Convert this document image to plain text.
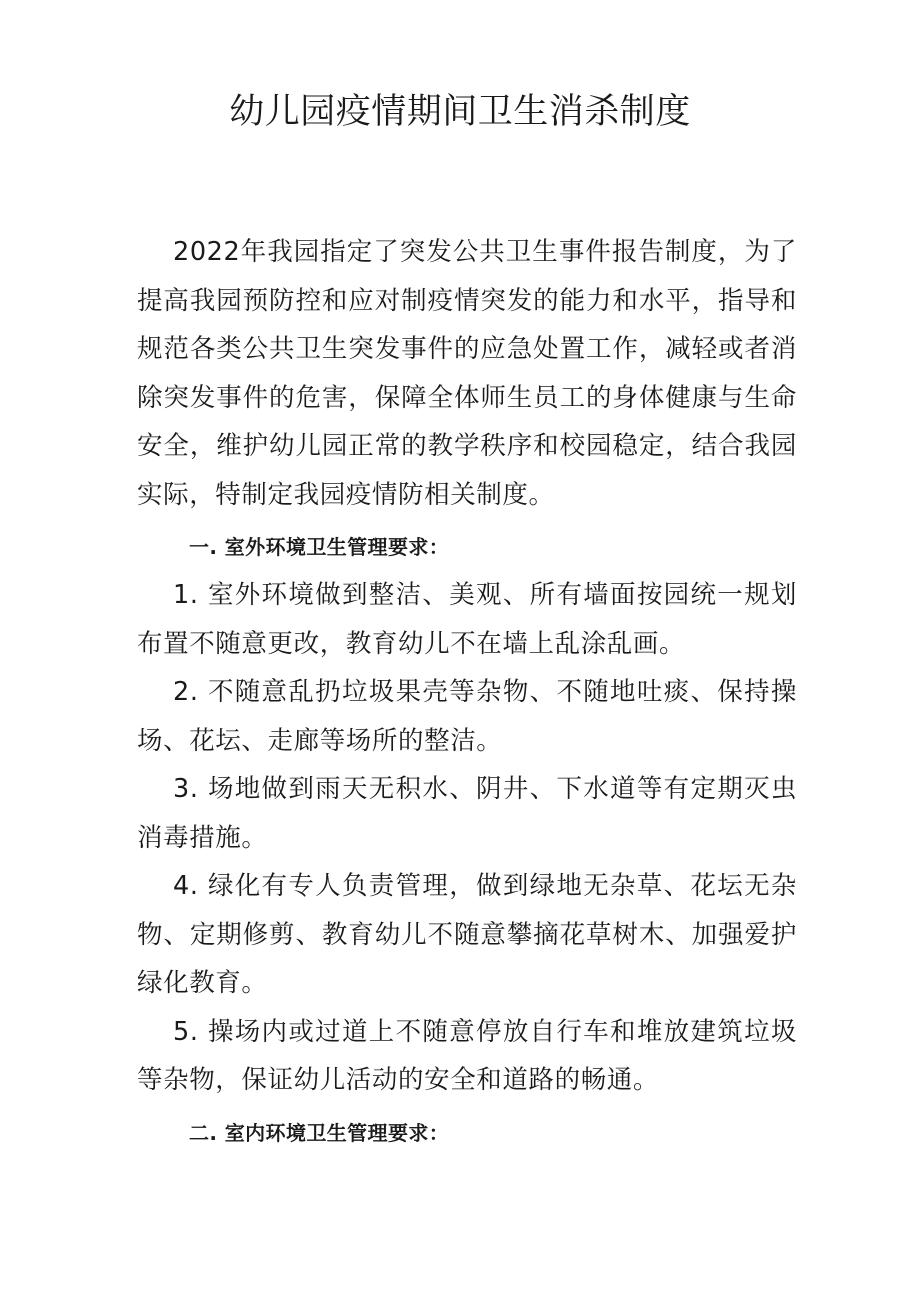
幼儿园疫情期间卫生消杀制度

2022年我园指定了突发公共卫生事件报告制度，为了提高我园预防控和应对制疫情突发的能力和水平，指导和规范各类公共卫生突发事件的应急处置工作，减轻或者消除突发事件的危害，保障全体师生员工的身体健康与生命安全，维护幼儿园正常的教学秩序和校园稳定，结合我园实际，特制定我园疫情防相关制度。

一. 室外环境卫生管理要求：

1. 室外环境做到整洁、美观、所有墙面按园统一规划布置不随意更改，教育幼儿不在墙上乱涂乱画。

2. 不随意乱扔垃圾果壳等杂物、不随地吐痰、保持操场、花坛、走廊等场所的整洁。

3. 场地做到雨天无积水、阴井、下水道等有定期灭虫消毒措施。

4. 绿化有专人负责管理，做到绿地无杂草、花坛无杂物、定期修剪、教育幼儿不随意攀摘花草树木、加强爱护绿化教育。

5. 操场内或过道上不随意停放自行车和堆放建筑垃圾等杂物，保证幼儿活动的安全和道路的畅通。

二. 室内环境卫生管理要求：
